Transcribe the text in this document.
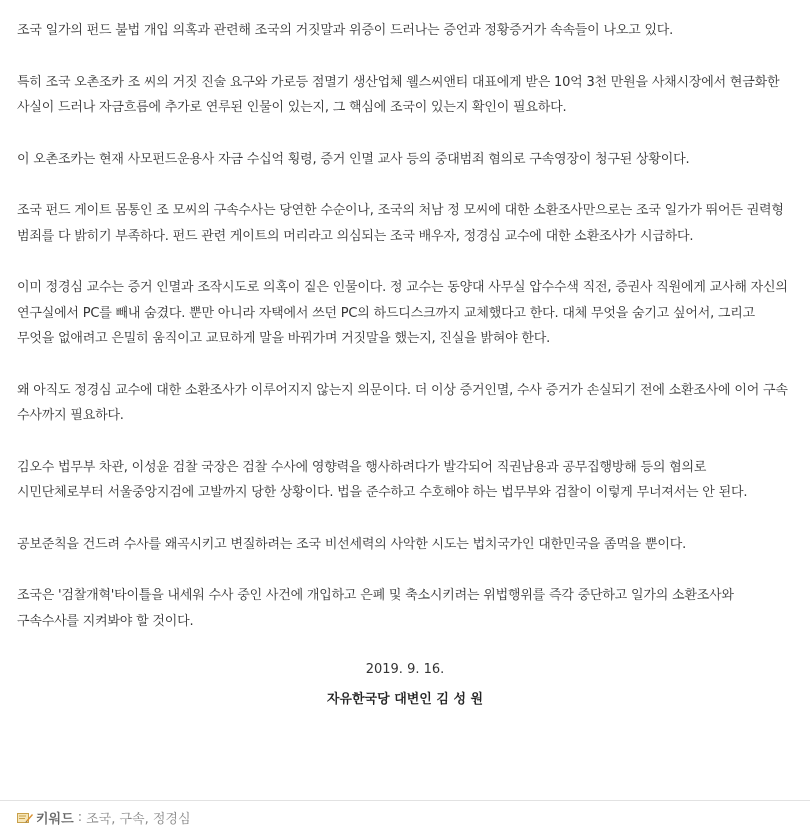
조국 일가의 펀드 불법 개입 의혹과 관련해 조국의 거짓말과 위증이 드러나는 증언과 정황증거가 속속들이 나오고 있다.

특히 조국 오촌조카 조 씨의 거짓 진술 요구와 가로등 점멸기 생산업체 웰스씨앤티 대표에게 받은 10억 3천 만원을 사채시장에서 현금화한 사실이 드러나 자금흐름에 추가로 연루된 인물이 있는지, 그 핵심에 조국이 있는지 확인이 필요하다.

이 오촌조카는 현재 사모펀드운용사 자금 수십억 횡령, 증거 인멸 교사 등의 중대범죄 혐의로 구속영장이 청구된 상황이다.

조국 펀드 게이트 몸통인 조 모씨의 구속수사는 당연한 수순이나, 조국의 처남 정 모씨에 대한 소환조사만으로는 조국 일가가 뛰어든 권력형 범죄를 다 밝히기 부족하다. 펀드 관련 게이트의 머리라고 의심되는 조국 배우자, 정경심 교수에 대한 소환조사가 시급하다.

이미 정경심 교수는 증거 인멸과 조작시도로 의혹이 짙은 인물이다. 정 교수는 동양대 사무실 압수수색 직전, 증권사 직원에게 교사해 자신의 연구실에서 PC를 빼내 숨겼다. 뿐만 아니라 자택에서 쓰던 PC의 하드디스크까지 교체했다고 한다. 대체 무엇을 숨기고 싶어서, 그리고 무엇을 없애려고 은밀히 움직이고 교묘하게 말을 바꿔가며 거짓말을 했는지, 진실을 밝혀야 한다.

왜 아직도 정경심 교수에 대한 소환조사가 이루어지지 않는지 의문이다. 더 이상 증거인멸, 수사 증거가 손실되기 전에 소환조사에 이어 구속 수사까지 필요하다.

김오수 법무부 차관, 이성윤 검찰 국장은 검찰 수사에 영향력을 행사하려다가 발각되어 직권남용과 공무집행방해 등의 혐의로 시민단체로부터 서울중앙지검에 고발까지 당한 상황이다. 법을 준수하고 수호해야 하는 법무부와 검찰이 이렇게 무너져서는 안 된다.

공보준칙을 건드려 수사를 왜곡시키고 변질하려는 조국 비선세력의 사악한 시도는 법치국가인 대한민국을 좀먹을 뿐이다.

조국은 '검찰개혁'타이틀을 내세워 수사 중인 사건에 개입하고 은폐 및 축소시키려는 위법행위를 즉각 중단하고 일가의 소환조사와 구속수사를 지켜봐야 할 것이다.

2019. 9. 16.
자유한국당 대변인 김 성 원
키워드 : 조국, 구속, 정경심
